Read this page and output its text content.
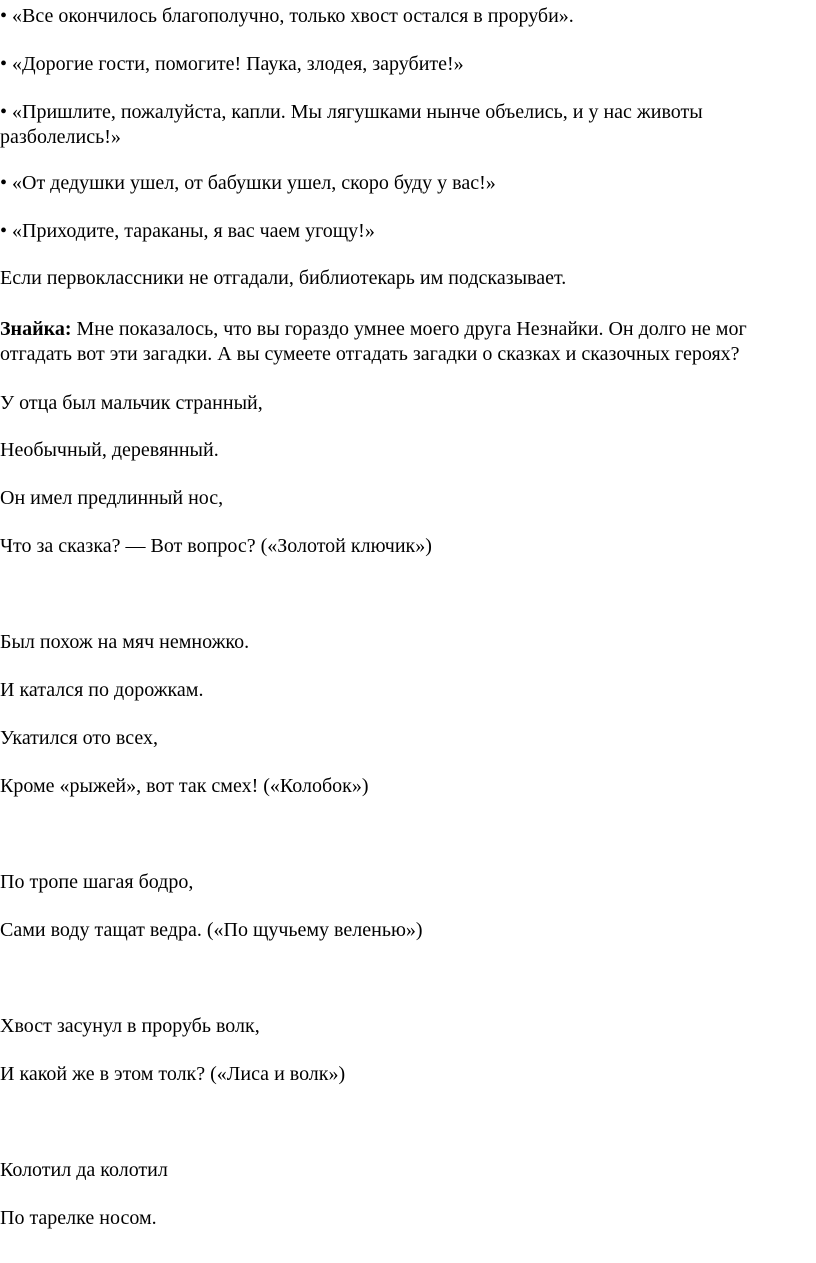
• «Все окончилось благополучно, только хвост остался в проруби».
• «Дорогие гости, помогите! Паука, злодея, зарубите!»
• «Пришлите, пожалуйста, капли. Мы лягушками нынче объелись, и у нас животы
разболелись!»
• «От дедушки ушел, от бабушки ушел, скоро буду у вас!»
• «Приходите, тараканы, я вас чаем угощу!»
Если первоклассники не отгадали, библиотекарь им подсказывает.
Знайка: Мне показалось, что вы гораздо умнее моего друга Незнайки. Он долго не мог
отгадать вот эти загадки. А вы сумеете отгадать загадки о сказках и сказочных героях?
У отца был мальчик странный,
Необычный, деревянный.
Он имел предлинный нос,
Что за сказка? — Вот вопрос? («Золотой ключик»)
Был похож на мяч немножко.
И катался по дорожкам.
Укатился ото всех,
Кроме «рыжей», вот так смех! («Колобок»)
По тропе шагая бодро,
Сами воду тащат ведра. («По щучьему веленью»)
Хвост засунул в прорубь волк,
И какой же в этом толк? («Лиса и волк»)
Колотил да колотил
По тарелке носом.
